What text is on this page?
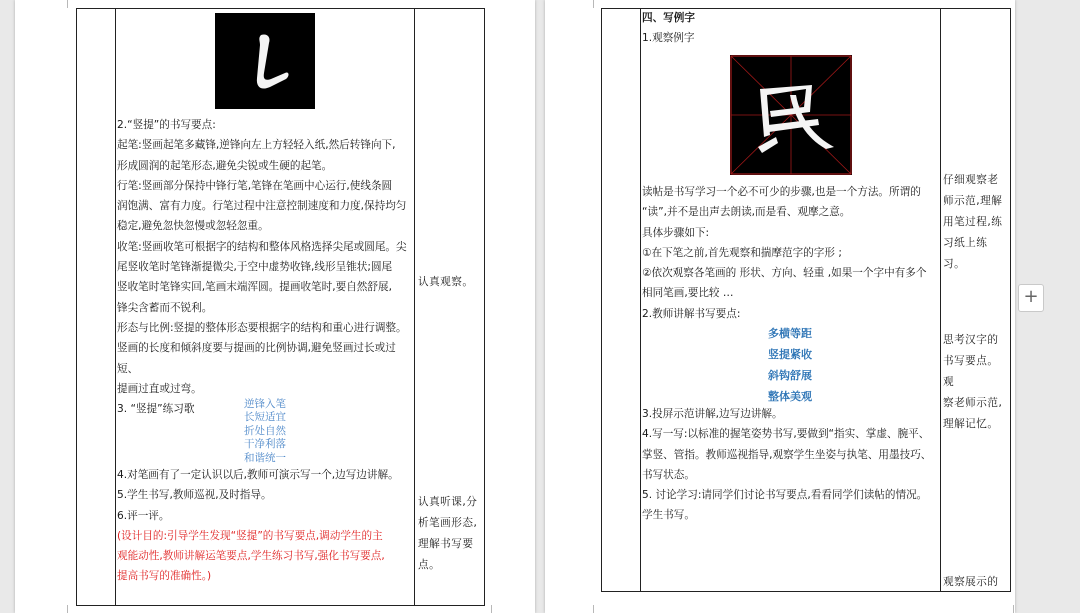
2.“竖提”的书写要点:

起笔:竖画起笔多藏锋,逆锋向左上方轻轻入纸,然后转锋向下,

形成圆润的起笔形态,避免尖锐或生硬的起笔。

行笔:竖画部分保持中锋行笔,笔锋在笔画中心运行,使线条圆

润饱满、富有力度。行笔过程中注意控制速度和力度,保持均匀

稳定,避免忽快忽慢或忽轻忽重。

收笔:竖画收笔可根据字的结构和整体风格选择尖尾或圆尾。尖

尾竖收笔时笔锋渐提微尖,于空中虚势收锋,线形呈锥状;圆尾

竖收笔时笔锋实回,笔画末端浑圆。提画收笔时,要自然舒展,

锋尖含蓄而不锐利。

形态与比例:竖提的整体形态要根据字的结构和重心进行调整。

竖画的长度和倾斜度要与提画的比例协调,避免竖画过长或过短、

提画过直或过弯。

3. “竖提”练习歌	逆锋入笔

长短适宜

折处自然

干净利落

和谐统一

4.对笔画有了一定认识以后,教师可演示写一个,边写边讲解。

5.学生书写,教师巡视,及时指导。

6.评一评。

(设计目的:引导学生发现“竖提”的书写要点,调动学生的主

观能动性,教师讲解运笔要点,学生练习书写,强化书写要点,

提高书写的准确性。)

认真观察。

认真听课,分

析笔画形态,

理解书写要

点。

四、写例字

1.观察例字

读帖是书写学习一个必不可少的步骤,也是一个方法。所谓的

“读”,并不是出声去朗读,而是看、观摩之意。

具体步骤如下:

①在下笔之前,首先观察和揣摩范字的字形 ;

②依次观察各笔画的 形状、方向、轻重 ,如果一个字中有多个

相同笔画,要比较 …

2.教师讲解书写要点:

多横等距

竖提紧收

斜钩舒展

整体美观

3.投屏示范讲解,边写边讲解。

4.写一写:以标准的握笔姿势书写,要做到“指实、掌虚、腕平、

掌竖、管指。教师巡视指导,观察学生坐姿与执笔、用墨技巧、

书写状态。

5. 讨论学习:请同学们讨论书写要点,看看同学们读帖的情况。

学生书写。

仔细观察老

师示范,理解

用笔过程,练

习纸上练习。

思考汉字的

书写要点。观

察老师示范,

理解记忆。

观察展示的

+
